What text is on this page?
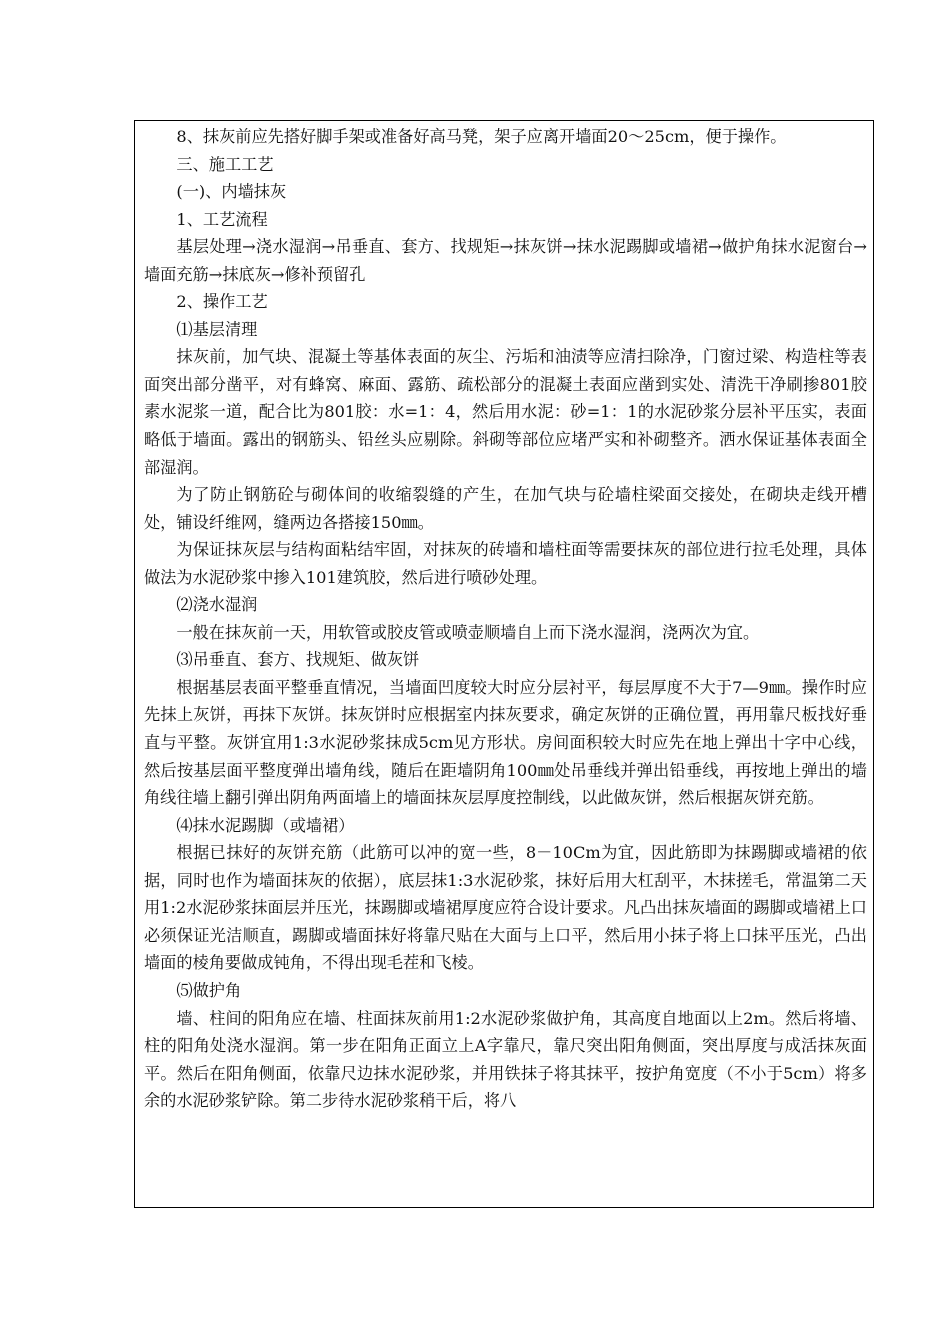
8、抹灰前应先搭好脚手架或准备好高马凳，架子应离开墙面20～25cm，便于操作。

三、施工工艺

(一)、内墙抹灰

1、工艺流程

基层处理→浇水湿润→吊垂直、套方、找规矩→抹灰饼→抹水泥踢脚或墙裙→做护角抹水泥窗台→墙面充筋→抹底灰→修补预留孔

2、操作工艺

⑴基层清理

抹灰前，加气块、混凝土等基体表面的灰尘、污垢和油渍等应清扫除净，门窗过梁、构造柱等表面突出部分凿平，对有蜂窝、麻面、露筋、疏松部分的混凝土表面应凿到实处、清洗干净刷掺801胶素水泥浆一道，配合比为801胶：水=1：4，然后用水泥：砂=1：1的水泥砂浆分层补平压实，表面略低于墙面。露出的钢筋头、铅丝头应剔除。斜砌等部位应堵严实和补砌整齐。洒水保证基体表面全部湿润。

为了防止钢筋砼与砌体间的收缩裂缝的产生，在加气块与砼墙柱梁面交接处，在砌块走线开槽处，铺设纤维网，缝两边各搭接150㎜。

为保证抹灰层与结构面粘结牢固，对抹灰的砖墙和墙柱面等需要抹灰的部位进行拉毛处理，具体做法为水泥砂浆中掺入101建筑胶，然后进行喷砂处理。

⑵浇水湿润

一般在抹灰前一天，用软管或胶皮管或喷壶顺墙自上而下浇水湿润，浇两次为宜。

⑶吊垂直、套方、找规矩、做灰饼

根据基层表面平整垂直情况，当墙面凹度较大时应分层衬平，每层厚度不大于7—9㎜。操作时应先抹上灰饼，再抹下灰饼。抹灰饼时应根据室内抹灰要求，确定灰饼的正确位置，再用靠尺板找好垂直与平整。灰饼宜用1:3水泥砂浆抹成5cm见方形状。房间面积较大时应先在地上弹出十字中心线，然后按基层面平整度弹出墙角线，随后在距墙阴角100㎜处吊垂线并弹出铅垂线，再按地上弹出的墙角线往墙上翻引弹出阴角两面墙上的墙面抹灰层厚度控制线，以此做灰饼，然后根据灰饼充筋。

⑷抹水泥踢脚（或墙裙）

根据已抹好的灰饼充筋（此筋可以冲的宽一些，8－10Cm为宜，因此筋即为抹踢脚或墙裙的依据，同时也作为墙面抹灰的依据），底层抹1:3水泥砂浆，抹好后用大杠刮平，木抹搓毛，常温第二天用1:2水泥砂浆抹面层并压光，抹踢脚或墙裙厚度应符合设计要求。凡凸出抹灰墙面的踢脚或墙裙上口必须保证光洁顺直，踢脚或墙面抹好将靠尺贴在大面与上口平，然后用小抹子将上口抹平压光，凸出墙面的棱角要做成钝角，不得出现毛茬和飞棱。

⑸做护角

墙、柱间的阳角应在墙、柱面抹灰前用1:2水泥砂浆做护角，其高度自地面以上2m。然后将墙、柱的阳角处浇水湿润。第一步在阳角正面立上A字靠尺，靠尺突出阳角侧面，突出厚度与成活抹灰面平。然后在阳角侧面，依靠尺边抹水泥砂浆，并用铁抹子将其抹平，按护角宽度（不小于5cm）将多余的水泥砂浆铲除。第二步待水泥砂浆稍干后，将八
